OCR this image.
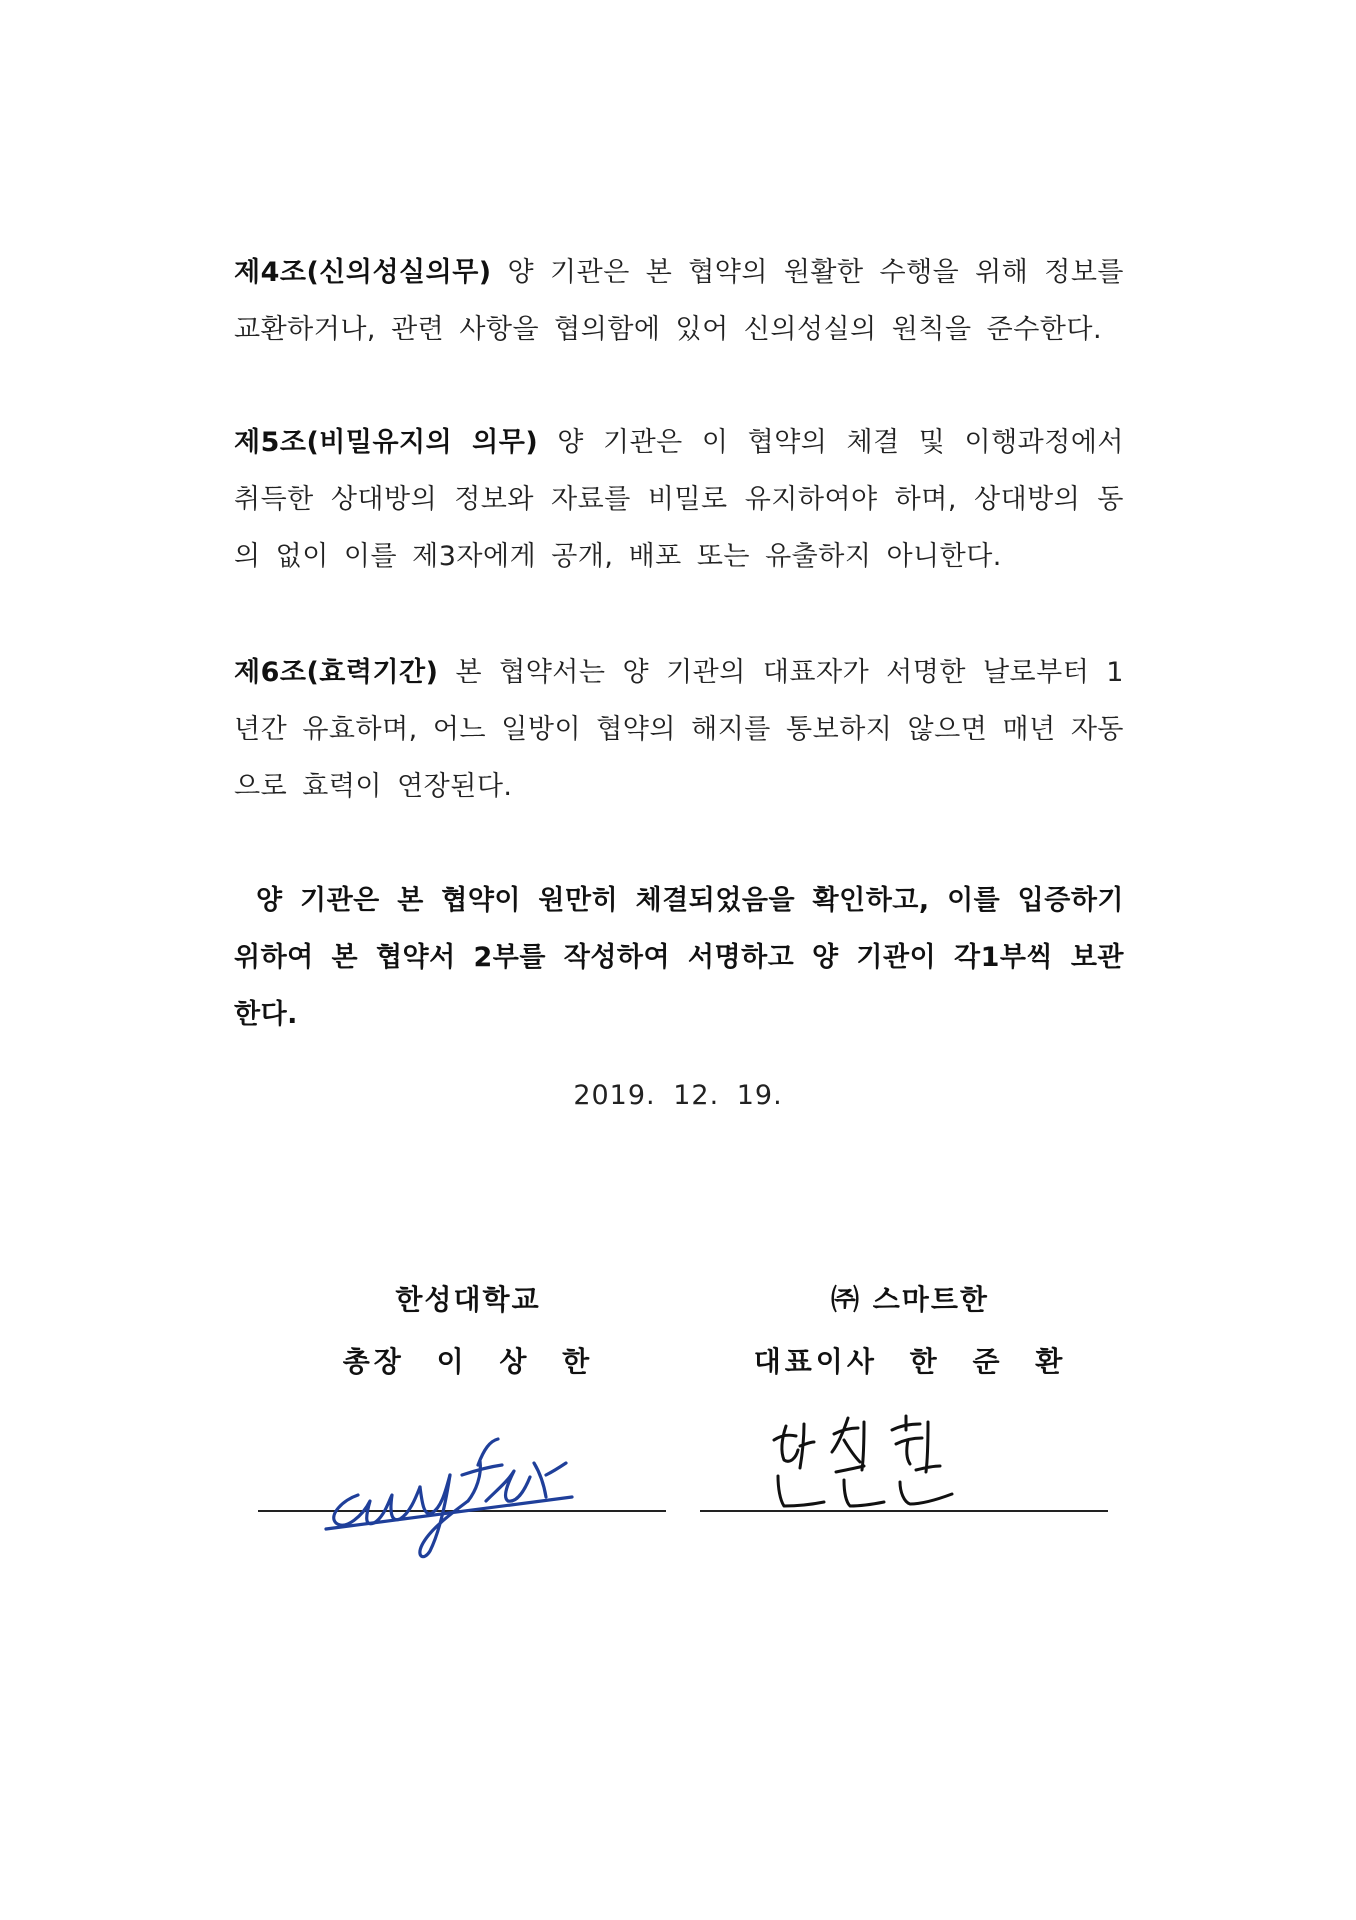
제4조(신의성실의무) 양 기관은 본 협약의 원활한 수행을 위해 정보를 교환하거나, 관련 사항을 협의함에 있어 신의성실의 원칙을 준수한다.
제5조(비밀유지의 의무) 양 기관은 이 협약의 체결 및 이행과정에서 취득한 상대방의 정보와 자료를 비밀로 유지하여야 하며, 상대방의 동의 없이 이를 제3자에게 공개, 배포 또는 유출하지 아니한다.
제6조(효력기간) 본 협약서는 양 기관의 대표자가 서명한 날로부터 1년간 유효하며, 어느 일방이 협약의 해지를 통보하지 않으면 매년 자동으로 효력이 연장된다.
양 기관은 본 협약이 원만히 체결되었음을 확인하고, 이를 입증하기 위하여 본 협약서 2부를 작성하여 서명하고 양 기관이 각1부씩 보관한다.
2019. 12. 19.
한성대학교
총장 이 상 한
㈜ 스마트한
대표이사 한 준 환
